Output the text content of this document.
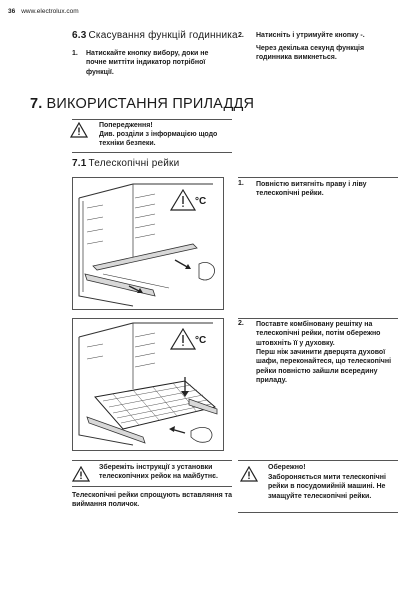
36 www.electrolux.com
6.3 Скасування функцій годинника
1. Натискайте кнопку вибору, доки не почне миттіти індикатор потрібної функції.
2. Натисніть і утримуйте кнопку -.
Через декілька секунд функція годинника вимкнеться.
7. ВИКОРИСТАННЯ ПРИЛАДДЯ
Попередження!
Див. розділи з інформацією щодо техніки безпеки.
7.1 Телескопічні рейки
°C
1. Повністю витягніть праву і ліву телескопічні рейки.
°C
2. Поставте комбіновану решітку на телескопічні рейки, потім обережно штовхніть її у духовку.
Перш ніж зачинити дверцята духової шафи, переконайтеся, що телескопічні рейки повністю зайшли всередину приладу.
Збережіть інструкції з установки телескопічних рейок на майбутнє.
Телескопічні рейки спрощують вставляння та виймання поличок.
Обережно!
Забороняється мити телескопічні рейки в посудомийній машині. Не змащуйте телескопічні рейки.
